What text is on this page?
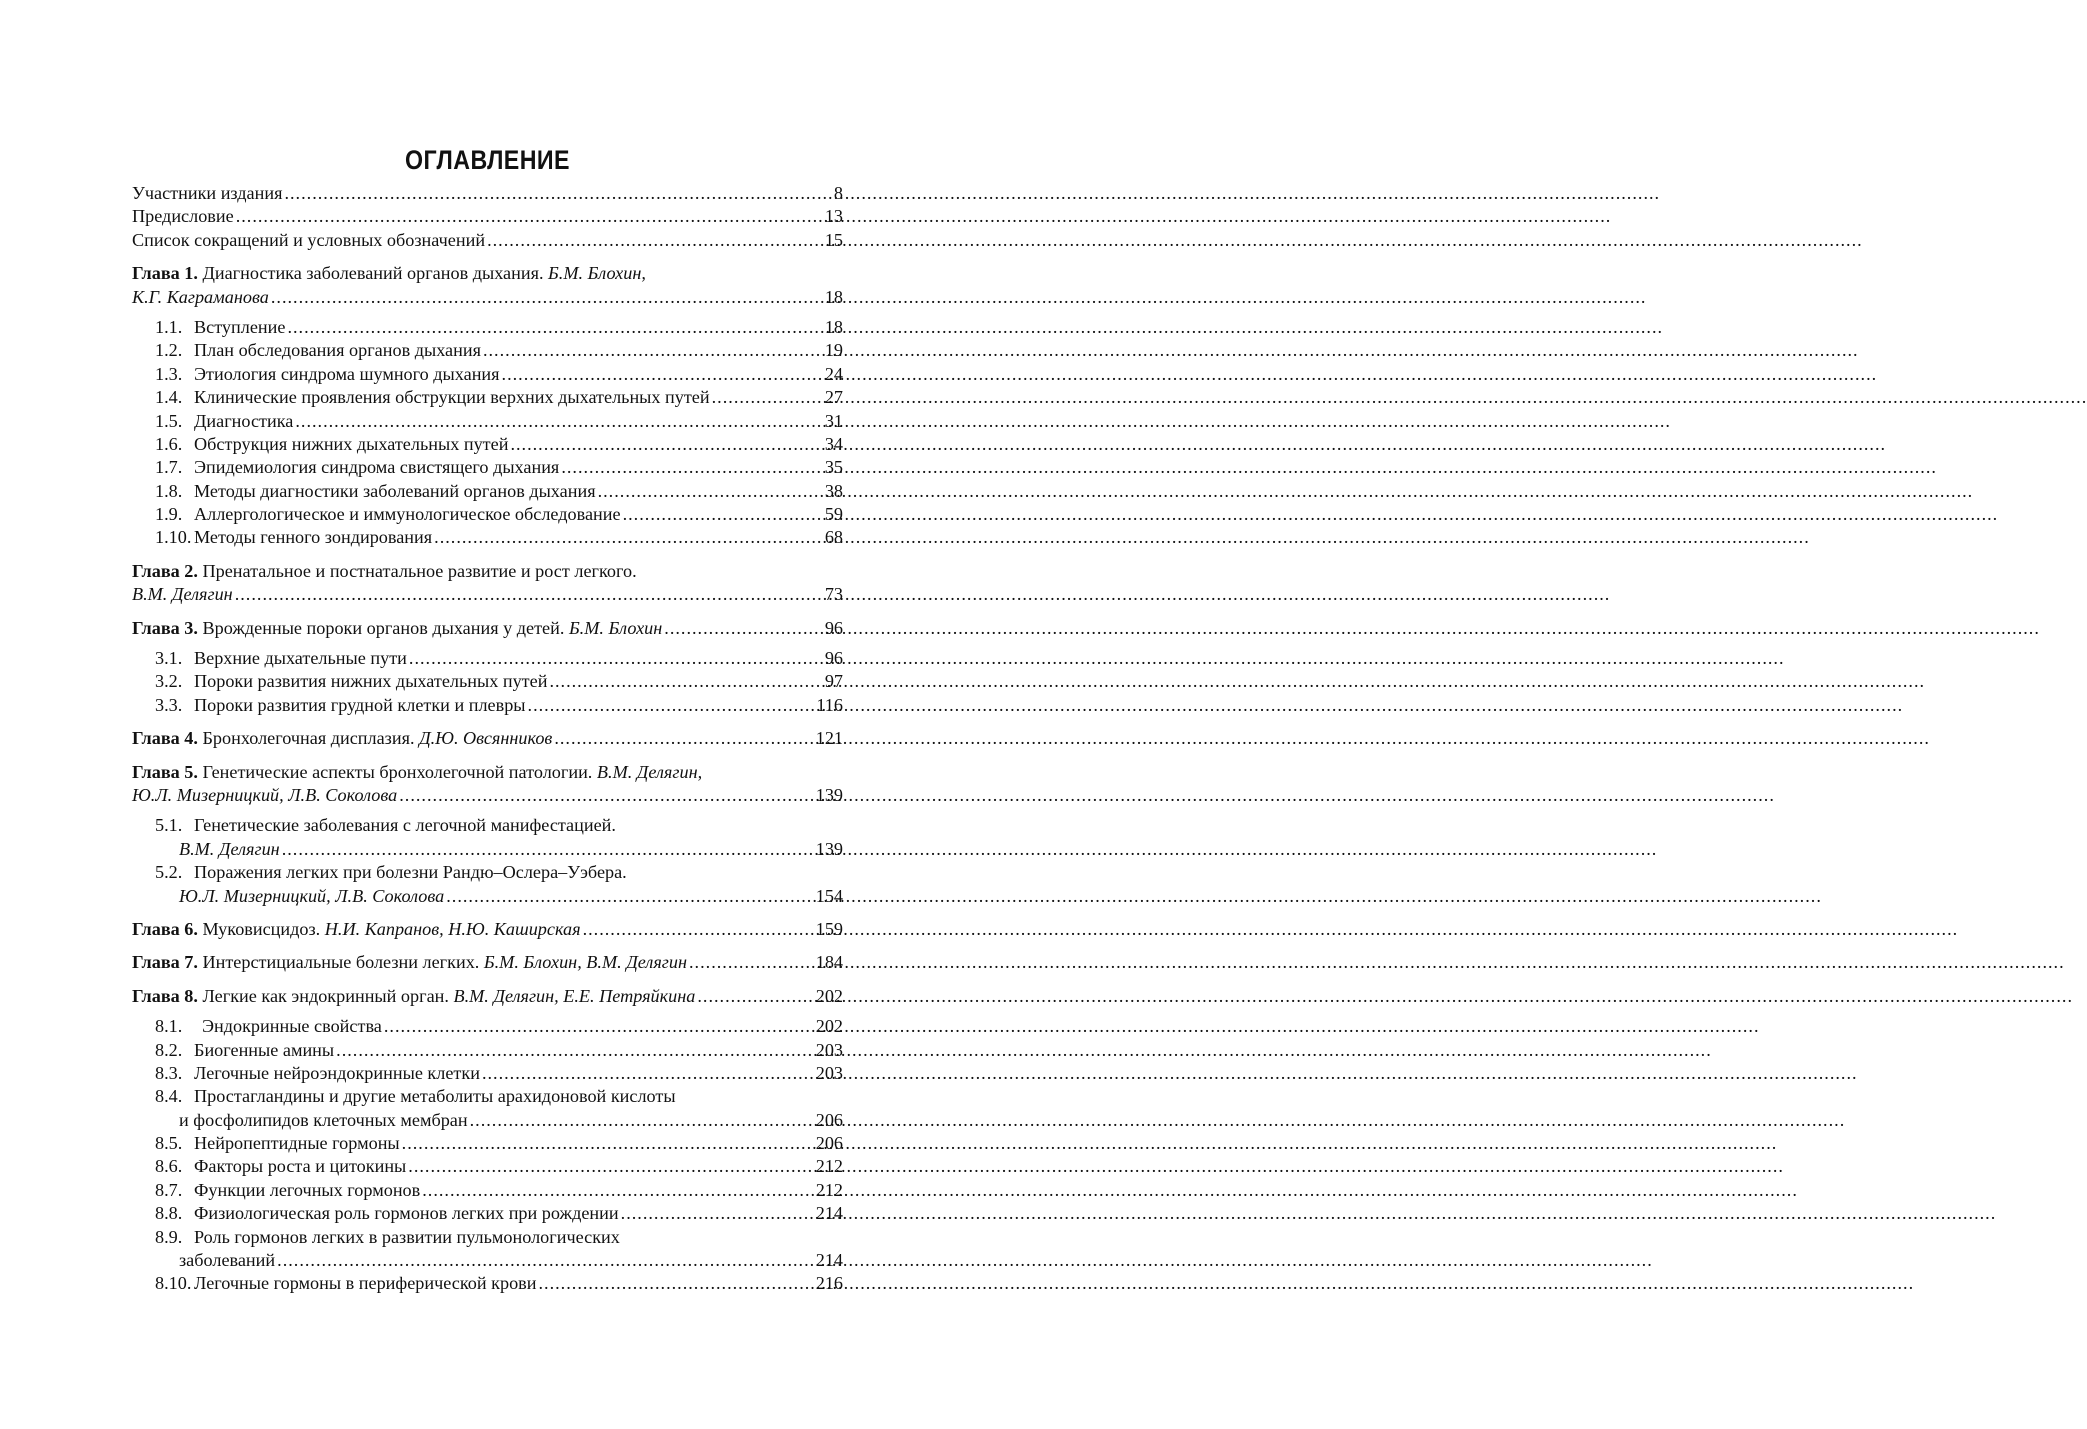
ОГЛАВЛЕНИЕ
Участники издания .....	8
Предисловие .....	13
Список сокращений и условных обозначений .....	15
Глава 1. Диагностика заболеваний органов дыхания. Б.М. Блохин,
К.Г. Каграманова .....	18
1.1. Вступление .....	18
1.2. План обследования органов дыхания .....	19
1.3. Этиология синдрома шумного дыхания .....	24
1.4. Клинические проявления обструкции верхних дыхательных путей .....	27
1.5. Диагностика .....	31
1.6. Обструкция нижних дыхательных путей .....	34
1.7. Эпидемиология синдрома свистящего дыхания .....	35
1.8. Методы диагностики заболеваний органов дыхания .....	38
1.9. Аллергологическое и иммунологическое обследование .....	59
1.10. Методы генного зондирования .....	68
Глава 2. Пренатальное и постнатальное развитие и рост легкого.
В.М. Делягин .....	73
Глава 3. Врожденные пороки органов дыхания у детей. Б.М. Блохин .....	96
3.1. Верхние дыхательные пути .....	96
3.2. Пороки развития нижних дыхательных путей .....	97
3.3. Пороки развития грудной клетки и плевры .....	116
Глава 4. Бронхолегочная дисплазия. Д.Ю. Овсянников .....	121
Глава 5. Генетические аспекты бронхолегочной патологии. В.М. Делягин,
Ю.Л. Мизерницкий, Л.В. Соколова .....	139
5.1. Генетические заболевания с легочной манифестацией.
В.М. Делягин .....	139
5.2. Поражения легких при болезни Рандю–Ослера–Уэбера.
Ю.Л. Мизерницкий, Л.В. Соколова .....	154
Глава 6. Муковисцидоз. Н.И. Капранов, Н.Ю. Каширская .....	159
Глава 7. Интерстициальные болезни легких. Б.М. Блохин, В.М. Делягин .....	184
Глава 8. Легкие как эндокринный орган. В.М. Делягин, Е.Е. Петряйкина .....	202
8.1. Эндокринные свойства .....	202
8.2. Биогенные амины .....	203
8.3. Легочные нейроэндокринные клетки .....	203
8.4. Простагландины и другие метаболиты арахидоновой кислоты
и фосфолипидов клеточных мембран .....	206
8.5. Нейропептидные гормоны .....	206
8.6. Факторы роста и цитокины .....	212
8.7. Функции легочных гормонов .....	212
8.8. Физиологическая роль гормонов легких при рождении .....	214
8.9. Роль гормонов легких в развитии пульмонологических
заболеваний .....	214
8.10. Легочные гормоны в периферической крови .....	216
